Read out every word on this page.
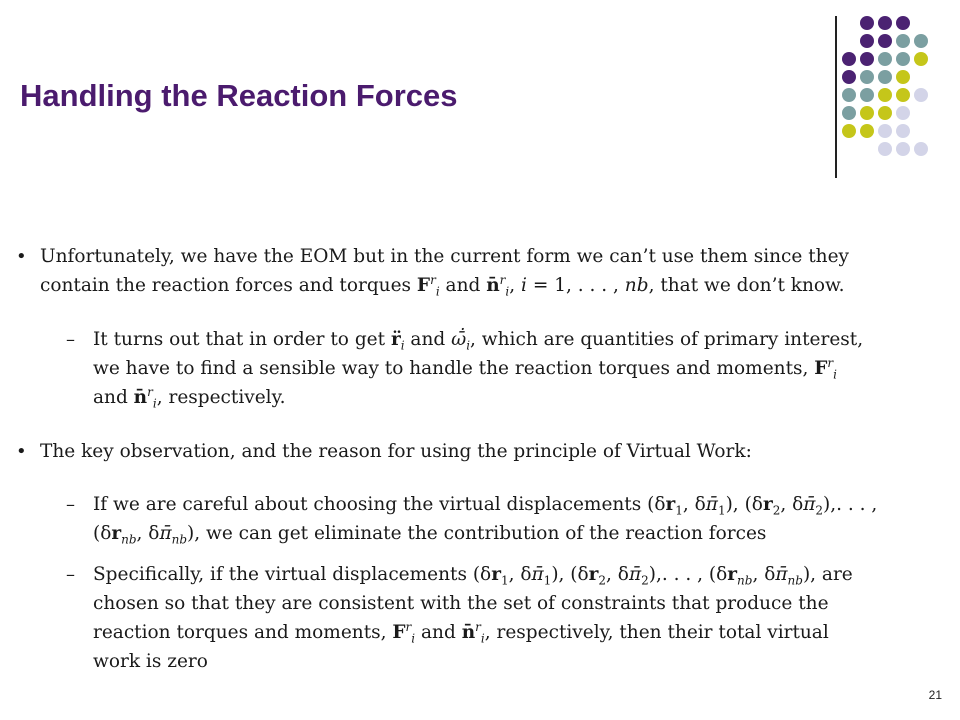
Handling the Reaction Forces
• Unfortunately, we have the EOM but in the current form we can’t use them since they
contain the reaction forces and torques $F^r_i$ and n̄$^r_i$, i = 1, . . . , nb, that we don’t know.
– It turns out that in order to get $r̈_i$ and $\omegā̇_i$, which are quantities of primary interest,
we have to find a sensible way to handle the reaction torques and moments, $F^r_i$
and n̄$^r_i$, respectively.
• The key observation, and the reason for using the principle of Virtual Work:
– If we are careful about choosing the virtual displacements ($\delta r_1$, $\delta\pī_1$), ($\delta r_2$, $\delta\pī_2$),. . . ,
($\delta r_{nb}$, $\delta\pī_{nb}$), we can get eliminate the contribution of the reaction forces
– Specifically, if the virtual displacements ($\delta r_1$, $\delta\pī_1$), ($\delta r_2$, $\delta\pī_2$),. . . , ($\delta r_{nb}$, $\delta\pī_{nb}$), are
chosen so that they are consistent with the set of constraints that produce the
reaction torques and moments, $F^r_i$ and n̄$^r_i$, respectively, then their total virtual
work is zero
21
